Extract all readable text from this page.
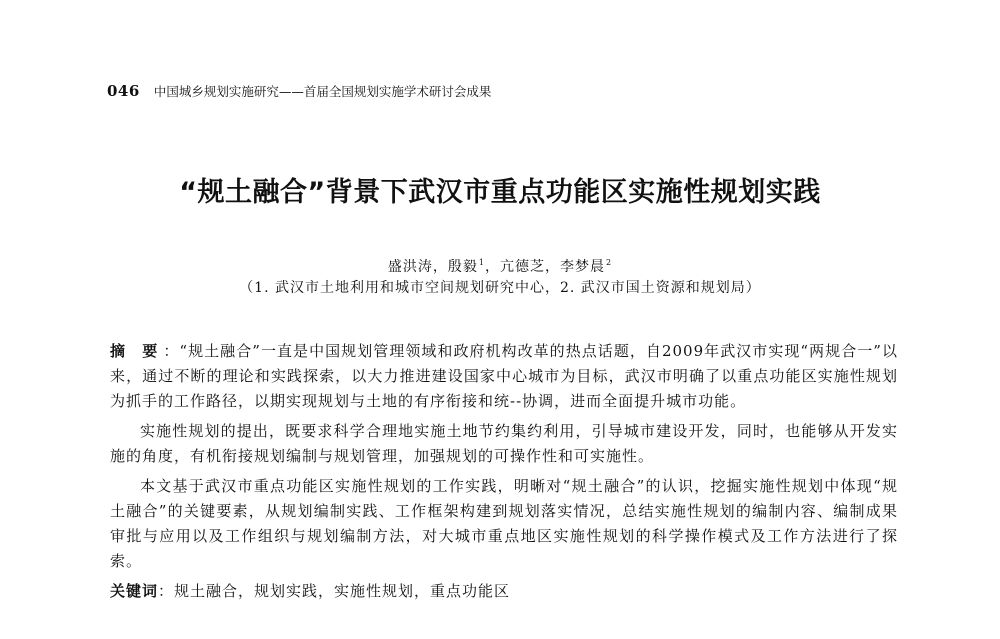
046 中国城乡规划实施研究——首届全国规划实施学术研讨会成果
“规土融合”背景下武汉市重点功能区实施性规划实践
盛洪涛，殷毅$^1$，亢德芝，李梦晨$^2$
（1. 武汉市土地利用和城市空间规划研究中心，2. 武汉市国土资源和规划局）

摘 要：“规土融合”一直是中国规划管理领域和政府机构改革的热点话题，自2009年武汉市实现“两规合一”以来，通过不断的理论和实践探索，以大力推进建设国家中心城市为目标，武汉市明确了以重点功能区实施性规划为抓手的工作路径，以期实现规划与土地的有序衔接和统--协调，进而全面提升城市功能。

实施性规划的提出，既要求科学合理地实施土地节约集约利用，引导城市建设开发，同时，也能够从开发实施的角度，有机衔接规划编制与规划管理，加强规划的可操作性和可实施性。

本文基于武汉市重点功能区实施性规划的工作实践，明晰对“规土融合”的认识，挖掘实施性规划中体现“规土融合”的关键要素，从规划编制实践、工作框架构建到规划落实情况，总结实施性规划的编制内容、编制成果审批与应用以及工作组织与规划编制方法，对大城市重点地区实施性规划的科学操作模式及工作方法进行了探索。

关键词：规土融合，规划实践，实施性规划，重点功能区
